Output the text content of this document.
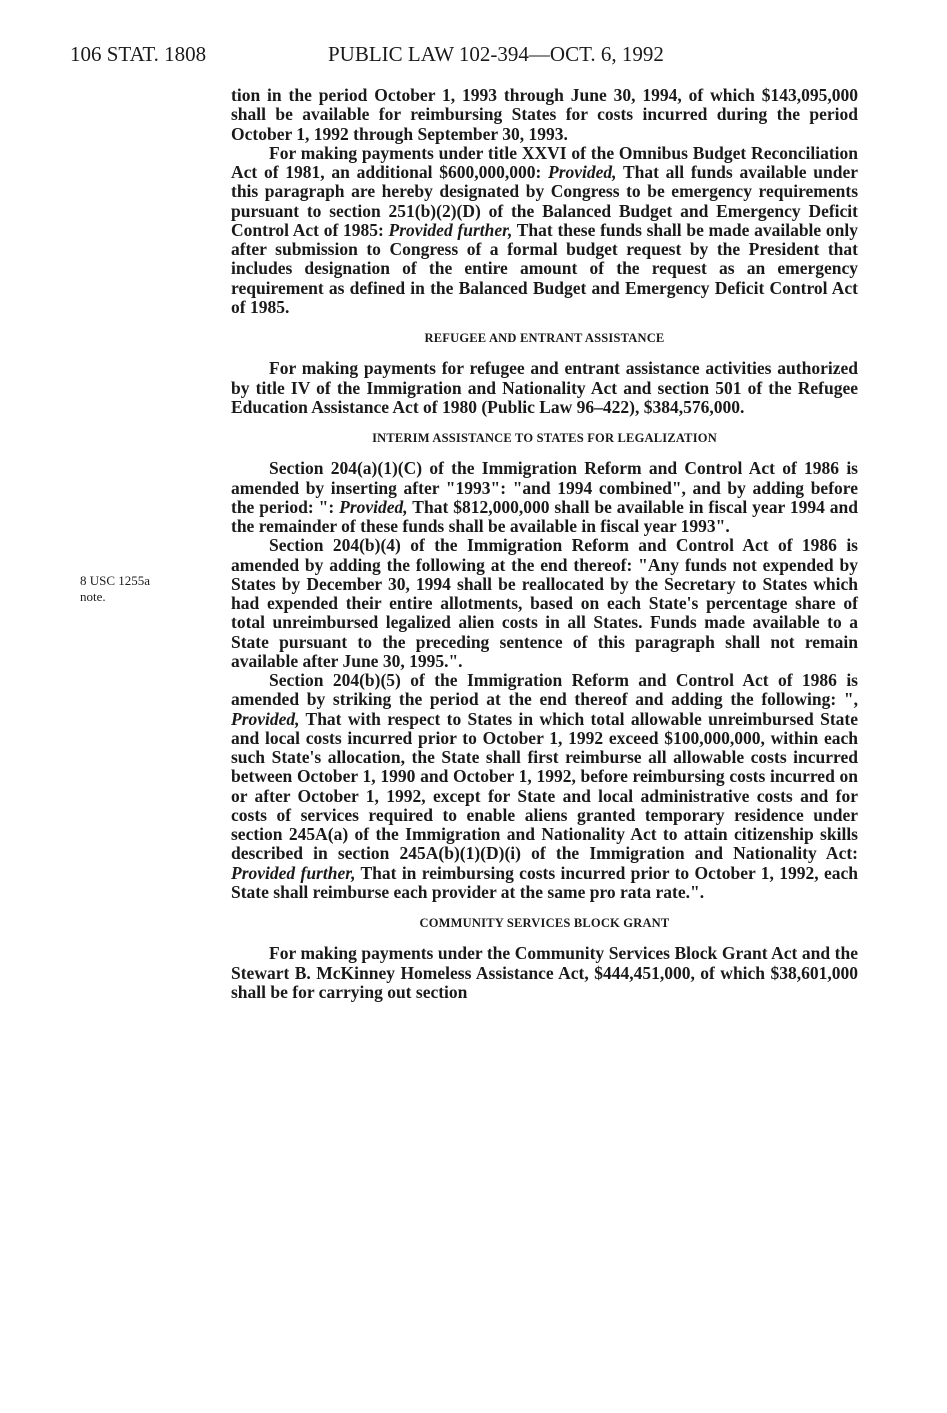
106 STAT. 1808	PUBLIC LAW 102-394—OCT. 6, 1992
8 USC 1255a
note.

tion in the period October 1, 1993 through June 30, 1994, of which $143,095,000 shall be available for reimbursing States for costs incurred during the period October 1, 1992 through September 30, 1993.

For making payments under title XXVI of the Omnibus Budget Reconciliation Act of 1981, an additional $600,000,000: Provided, That all funds available under this paragraph are hereby designated by Congress to be emergency requirements pursuant to section 251(b)(2)(D) of the Balanced Budget and Emergency Deficit Control Act of 1985: Provided further, That these funds shall be made available only after submission to Congress of a formal budget request by the President that includes designation of the entire amount of the request as an emergency requirement as defined in the Balanced Budget and Emergency Deficit Control Act of 1985.

REFUGEE AND ENTRANT ASSISTANCE

For making payments for refugee and entrant assistance activities authorized by title IV of the Immigration and Nationality Act and section 501 of the Refugee Education Assistance Act of 1980 (Public Law 96–422), $384,576,000.

INTERIM ASSISTANCE TO STATES FOR LEGALIZATION

Section 204(a)(1)(C) of the Immigration Reform and Control Act of 1986 is amended by inserting after "1993": "and 1994 combined", and by adding before the period: ": Provided, That $812,000,000 shall be available in fiscal year 1994 and the remainder of these funds shall be available in fiscal year 1993".

Section 204(b)(4) of the Immigration Reform and Control Act of 1986 is amended by adding the following at the end thereof: "Any funds not expended by States by December 30, 1994 shall be reallocated by the Secretary to States which had expended their entire allotments, based on each State's percentage share of total unreimbursed legalized alien costs in all States. Funds made available to a State pursuant to the preceding sentence of this paragraph shall not remain available after June 30, 1995.".

Section 204(b)(5) of the Immigration Reform and Control Act of 1986 is amended by striking the period at the end thereof and adding the following: ", Provided, That with respect to States in which total allowable unreimbursed State and local costs incurred prior to October 1, 1992 exceed $100,000,000, within each such State's allocation, the State shall first reimburse all allowable costs incurred between October 1, 1990 and October 1, 1992, before reimbursing costs incurred on or after October 1, 1992, except for State and local administrative costs and for costs of services required to enable aliens granted temporary residence under section 245A(a) of the Immigration and Nationality Act to attain citizenship skills described in section 245A(b)(1)(D)(i) of the Immigration and Nationality Act: Provided further, That in reimbursing costs incurred prior to October 1, 1992, each State shall reimburse each provider at the same pro rata rate.".

COMMUNITY SERVICES BLOCK GRANT

For making payments under the Community Services Block Grant Act and the Stewart B. McKinney Homeless Assistance Act, $444,451,000, of which $38,601,000 shall be for carrying out section
